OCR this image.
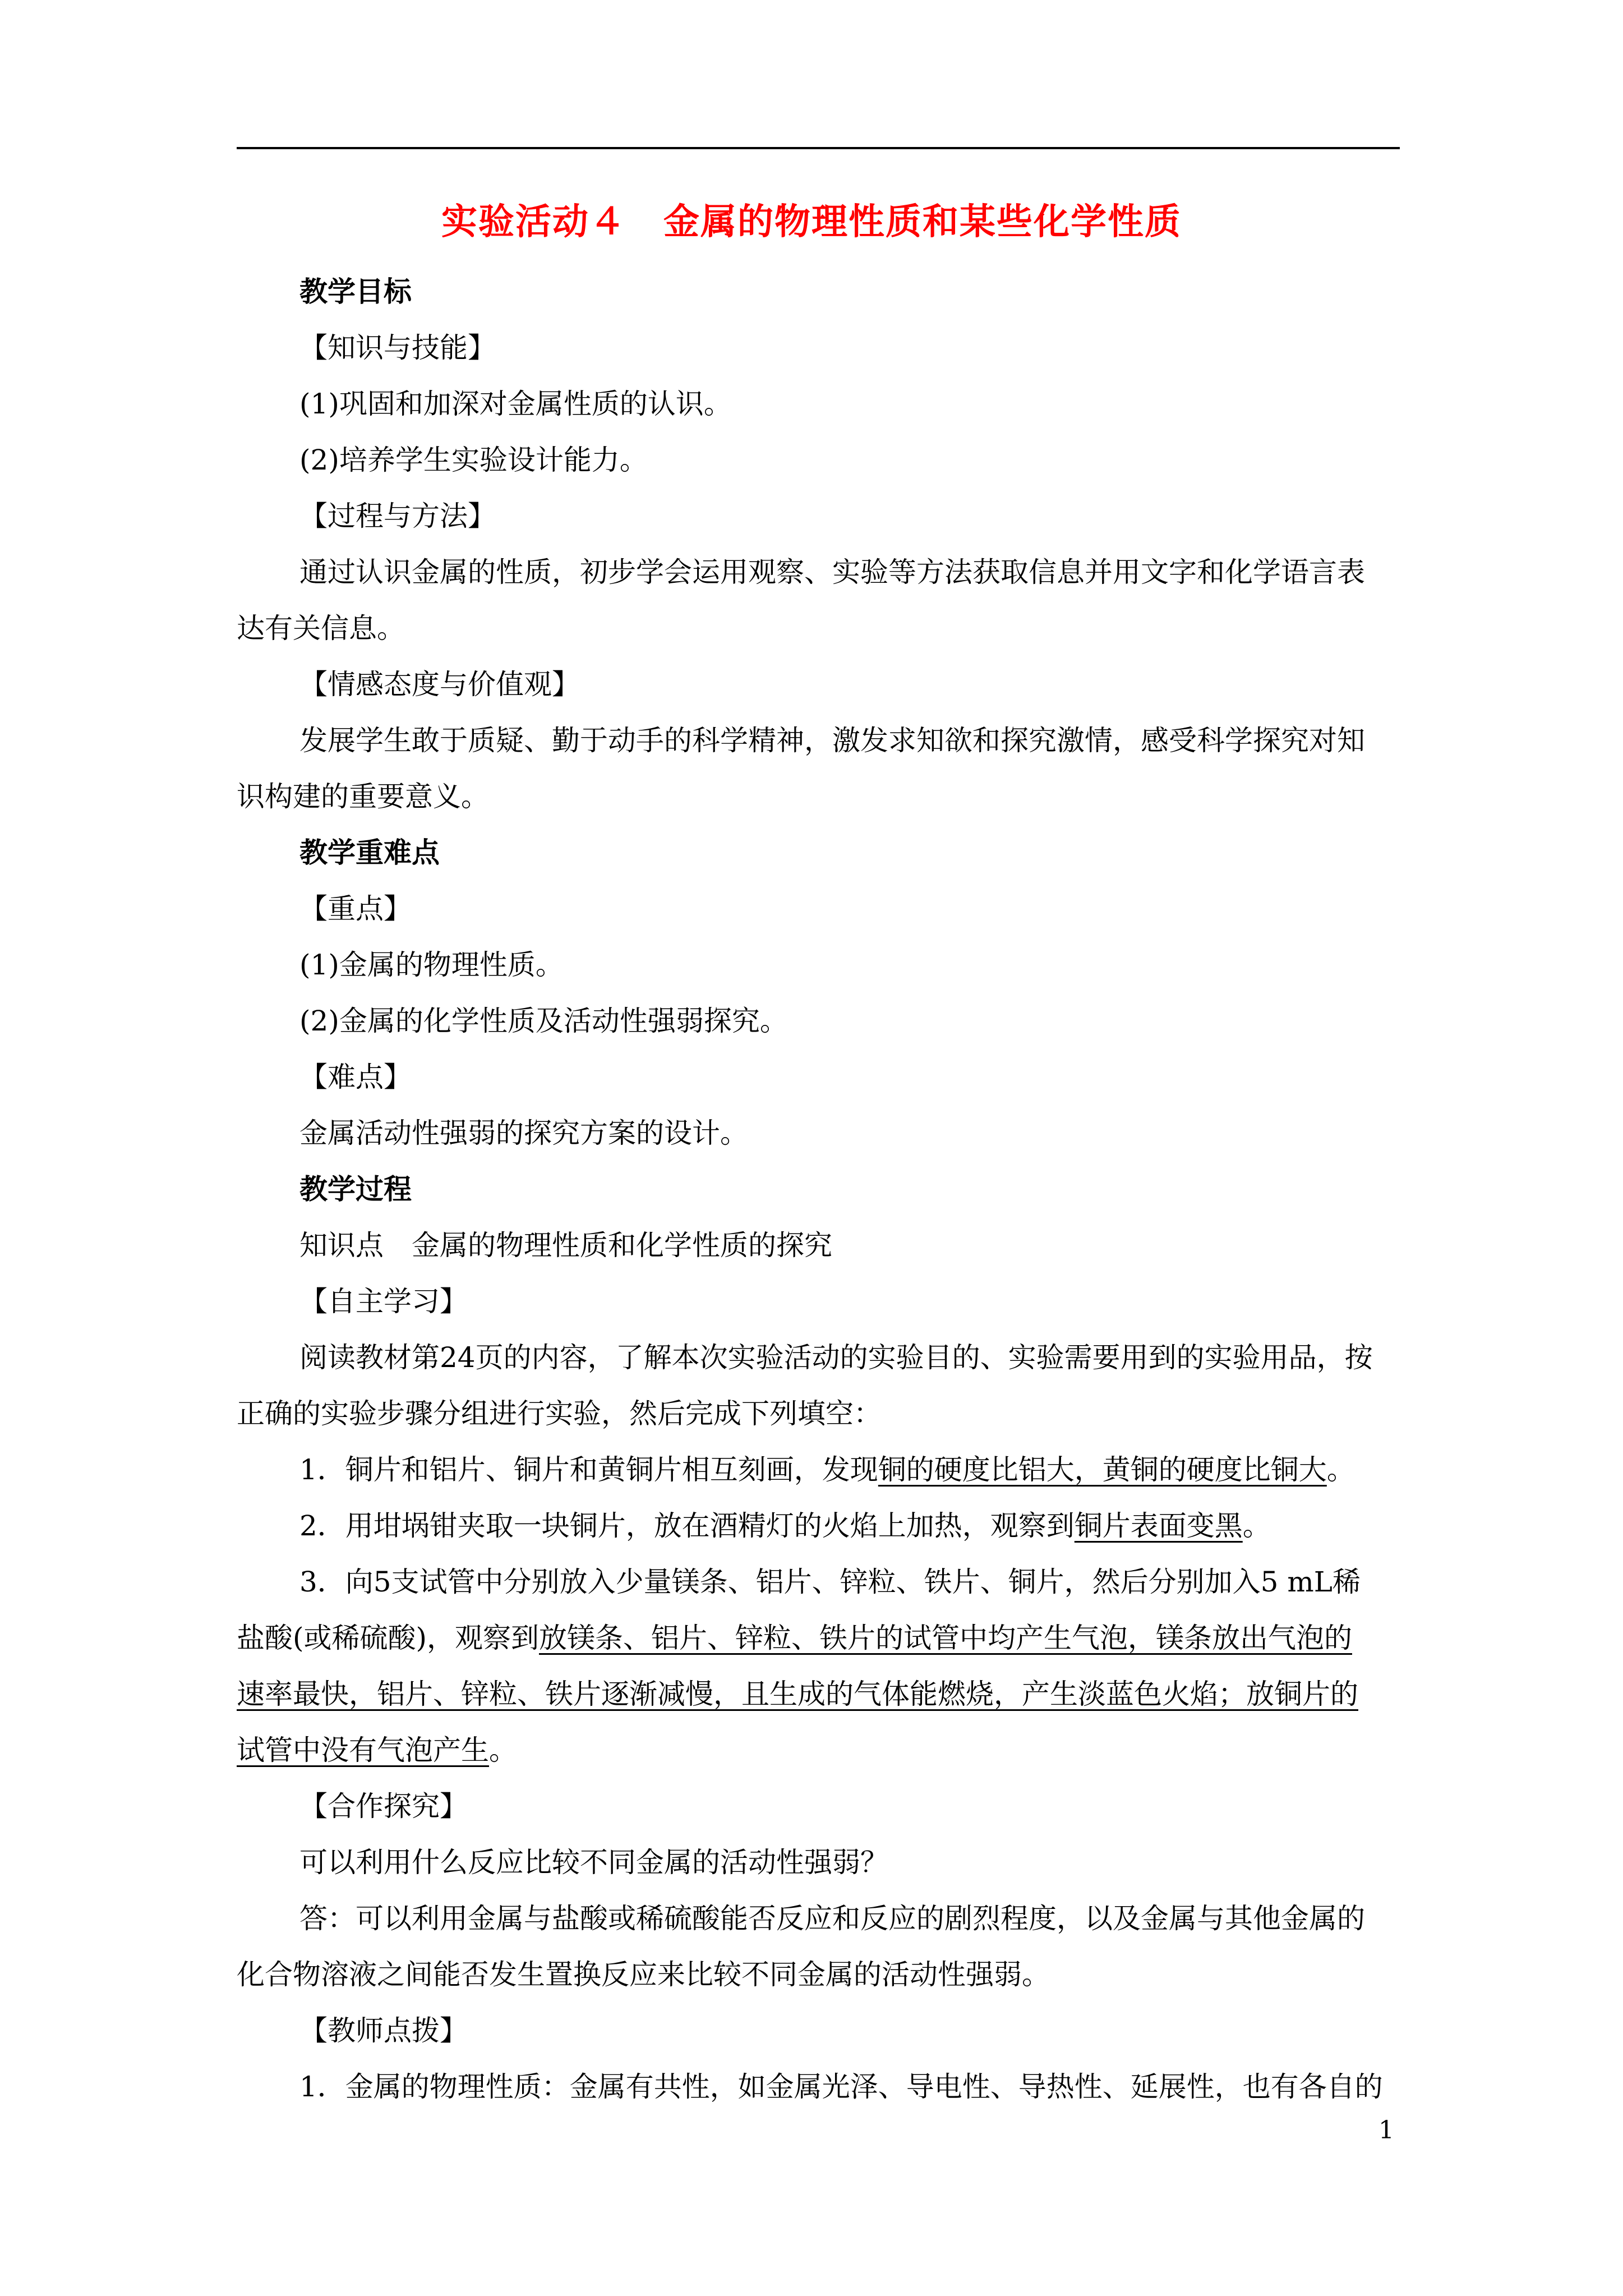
实验活动４　金属的物理性质和某些化学性质

教学目标

【知识与技能】

(1)巩固和加深对金属性质的认识。

(2)培养学生实验设计能力。

【过程与方法】

通过认识金属的性质，初步学会运用观察、实验等方法获取信息并用文字和化学语言表

达有关信息。

【情感态度与价值观】

发展学生敢于质疑、勤于动手的科学精神，激发求知欲和探究激情，感受科学探究对知

识构建的重要意义。

教学重难点

【重点】

(1)金属的物理性质。

(2)金属的化学性质及活动性强弱探究。

【难点】

金属活动性强弱的探究方案的设计。

教学过程

知识点　金属的物理性质和化学性质的探究

【自主学习】

阅读教材第24页的内容，了解本次实验活动的实验目的、实验需要用到的实验用品，按

正确的实验步骤分组进行实验，然后完成下列填空：

1．铜片和铝片、铜片和黄铜片相互刻画，发现铜的硬度比铝大，黄铜的硬度比铜大。

2．用坩埚钳夹取一块铜片，放在酒精灯的火焰上加热，观察到铜片表面变黑。

3．向5支试管中分别放入少量镁条、铝片、锌粒、铁片、铜片，然后分别加入5 mL稀

盐酸(或稀硫酸)，观察到放镁条、铝片、锌粒、铁片的试管中均产生气泡，镁条放出气泡的

速率最快，铝片、锌粒、铁片逐渐减慢，且生成的气体能燃烧，产生淡蓝色火焰；放铜片的

试管中没有气泡产生。

【合作探究】

可以利用什么反应比较不同金属的活动性强弱？

答：可以利用金属与盐酸或稀硫酸能否反应和反应的剧烈程度，以及金属与其他金属的

化合物溶液之间能否发生置换反应来比较不同金属的活动性强弱。

【教师点拨】

1．金属的物理性质：金属有共性，如金属光泽、导电性、导热性、延展性，也有各自的

1
